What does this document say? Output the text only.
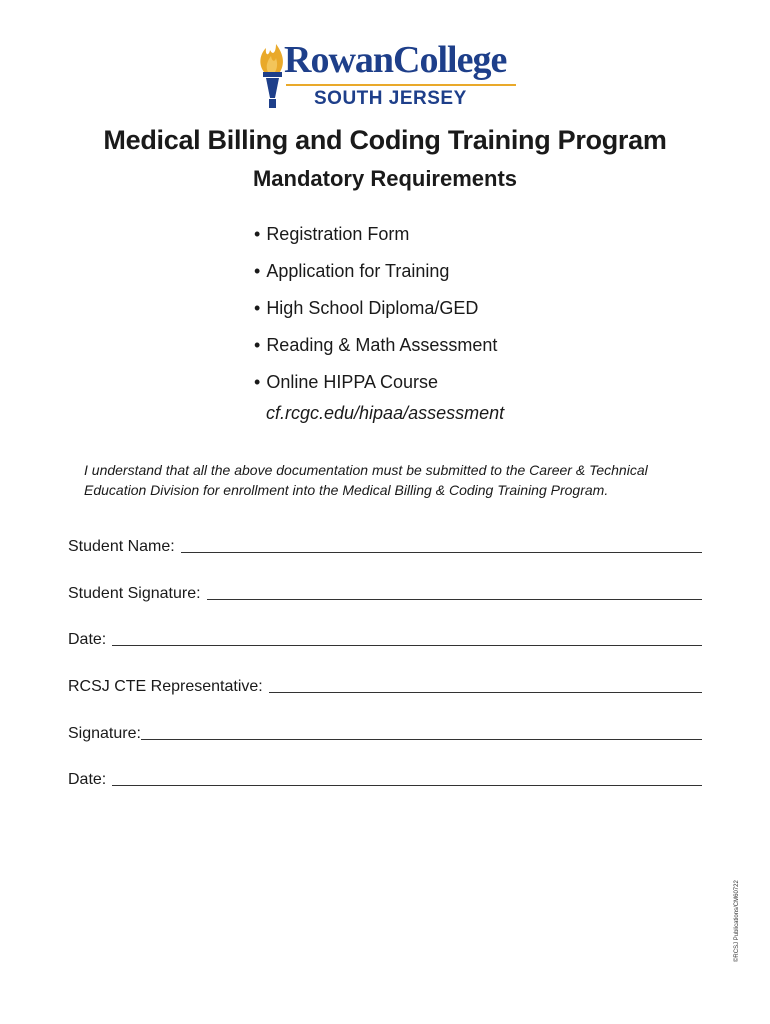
RowanCollege
SOUTH JERSEY
Medical Billing and Coding Training Program
Mandatory Requirements
• Registration Form
• Application for Training
• High School Diploma/GED
• Reading & Math Assessment
• Online HIPPA Course
cf.rcgc.edu/hipaa/assessment
I understand that all the above documentation must be submitted to the Career & Technical Education Division for enrollment into the Medical Billing & Coding Training Program.
Student Name:
Student Signature:
Date:
RCSJ CTE Representative:
Signature:
Date:
©RCSJ Publications/CM60722
